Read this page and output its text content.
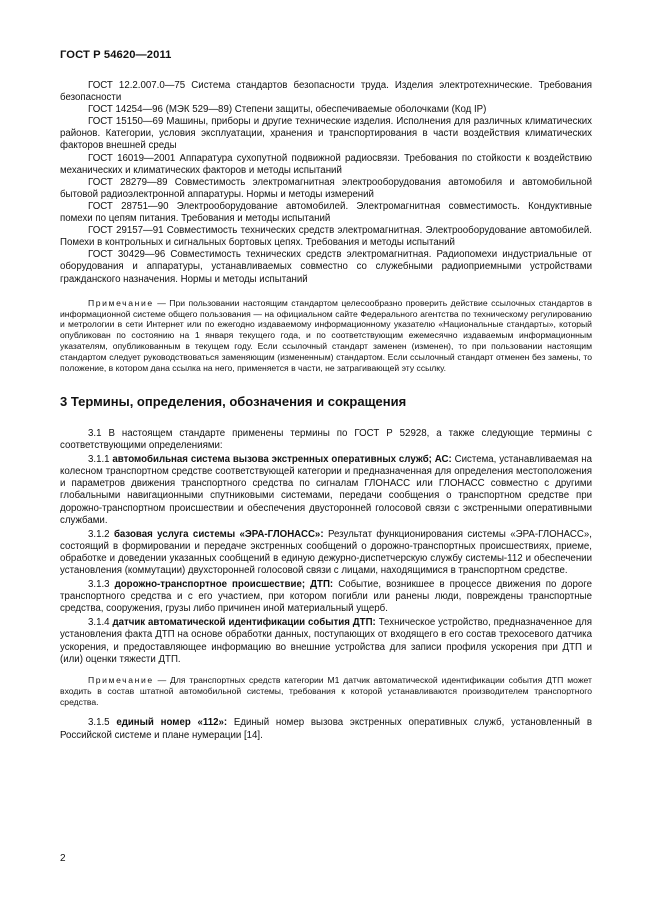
ГОСТ Р 54620—2011

ГОСТ 12.2.007.0—75 Система стандартов безопасности труда. Изделия электротехнические. Требования безопасности

ГОСТ 14254—96 (МЭК 529—89) Степени защиты, обеспечиваемые оболочками (Код IP)

ГОСТ 15150—69 Машины, приборы и другие технические изделия. Исполнения для различных климатических районов. Категории, условия эксплуатации, хранения и транспортирования в части воздействия климатических факторов внешней среды

ГОСТ 16019—2001 Аппаратура сухопутной подвижной радиосвязи. Требования по стойкости к воздействию механических и климатических факторов и методы испытаний

ГОСТ 28279—89 Совместимость электромагнитная электрооборудования автомобиля и автомобильной бытовой радиоэлектронной аппаратуры. Нормы и методы измерений

ГОСТ 28751—90 Электрооборудование автомобилей. Электромагнитная совместимость. Кондуктивные помехи по цепям питания. Требования и методы испытаний

ГОСТ 29157—91 Совместимость технических средств электромагнитная. Электрооборудование автомобилей. Помехи в контрольных и сигнальных бортовых цепях. Требования и методы испытаний

ГОСТ 30429—96 Совместимость технических средств электромагнитная. Радиопомехи индустриальные от оборудования и аппаратуры, устанавливаемых совместно со служебными радиоприемными устройствами гражданского назначения. Нормы и методы испытаний

Примечание — При пользовании настоящим стандартом целесообразно проверить действие ссылочных стандартов в информационной системе общего пользования — на официальном сайте Федерального агентства по техническому регулированию и метрологии в сети Интернет или по ежегодно издаваемому информационному указателю «Национальные стандарты», который опубликован по состоянию на 1 января текущего года, и по соответствующим ежемесячно издаваемым информационным указателям, опубликованным в текущем году. Если ссылочный стандарт заменен (изменен), то при пользовании настоящим стандартом следует руководствоваться заменяющим (измененным) стандартом. Если ссылочный стандарт отменен без замены, то положение, в котором дана ссылка на него, применяется в части, не затрагивающей эту ссылку.

3 Термины, определения, обозначения и сокращения

3.1 В настоящем стандарте применены термины по ГОСТ Р 52928, а также следующие термины с соответствующими определениями:

3.1.1 автомобильная система вызова экстренных оперативных служб; АС: Система, устанавливаемая на колесном транспортном средстве соответствующей категории и предназначенная для определения местоположения и параметров движения транспортного средства по сигналам ГЛОНАСС или ГЛОНАСС совместно с другими глобальными навигационными спутниковыми системами, передачи сообщения о транспортном средстве при дорожно-транспортном происшествии и обеспечения двусторонней голосовой связи с экстренными оперативными службами.

3.1.2 базовая услуга системы «ЭРА-ГЛОНАСС»: Результат функционирования системы «ЭРА-ГЛОНАСС», состоящий в формировании и передаче экстренных сообщений о дорожно-транспортных происшествиях, приеме, обработке и доведении указанных сообщений в единую дежурно-диспетчерскую службу системы-112 и обеспечении установления (коммутации) двухсторонней голосовой связи с лицами, находящимися в транспортном средстве.

3.1.3 дорожно-транспортное происшествие; ДТП: Событие, возникшее в процессе движения по дороге транспортного средства и с его участием, при котором погибли или ранены люди, повреждены транспортные средства, сооружения, грузы либо причинен иной материальный ущерб.

3.1.4 датчик автоматической идентификации события ДТП: Техническое устройство, предназначенное для установления факта ДТП на основе обработки данных, поступающих от входящего в его состав трехосевого датчика ускорения, и предоставляющее информацию во внешние устройства для записи профиля ускорения при ДТП и (или) оценки тяжести ДТП.

Примечание — Для транспортных средств категории М1 датчик автоматической идентификации события ДТП может входить в состав штатной автомобильной системы, требования к которой устанавливаются производителем транспортного средства.

3.1.5 единый номер «112»: Единый номер вызова экстренных оперативных служб, установленный в Российской системе и плане нумерации [14].

2
